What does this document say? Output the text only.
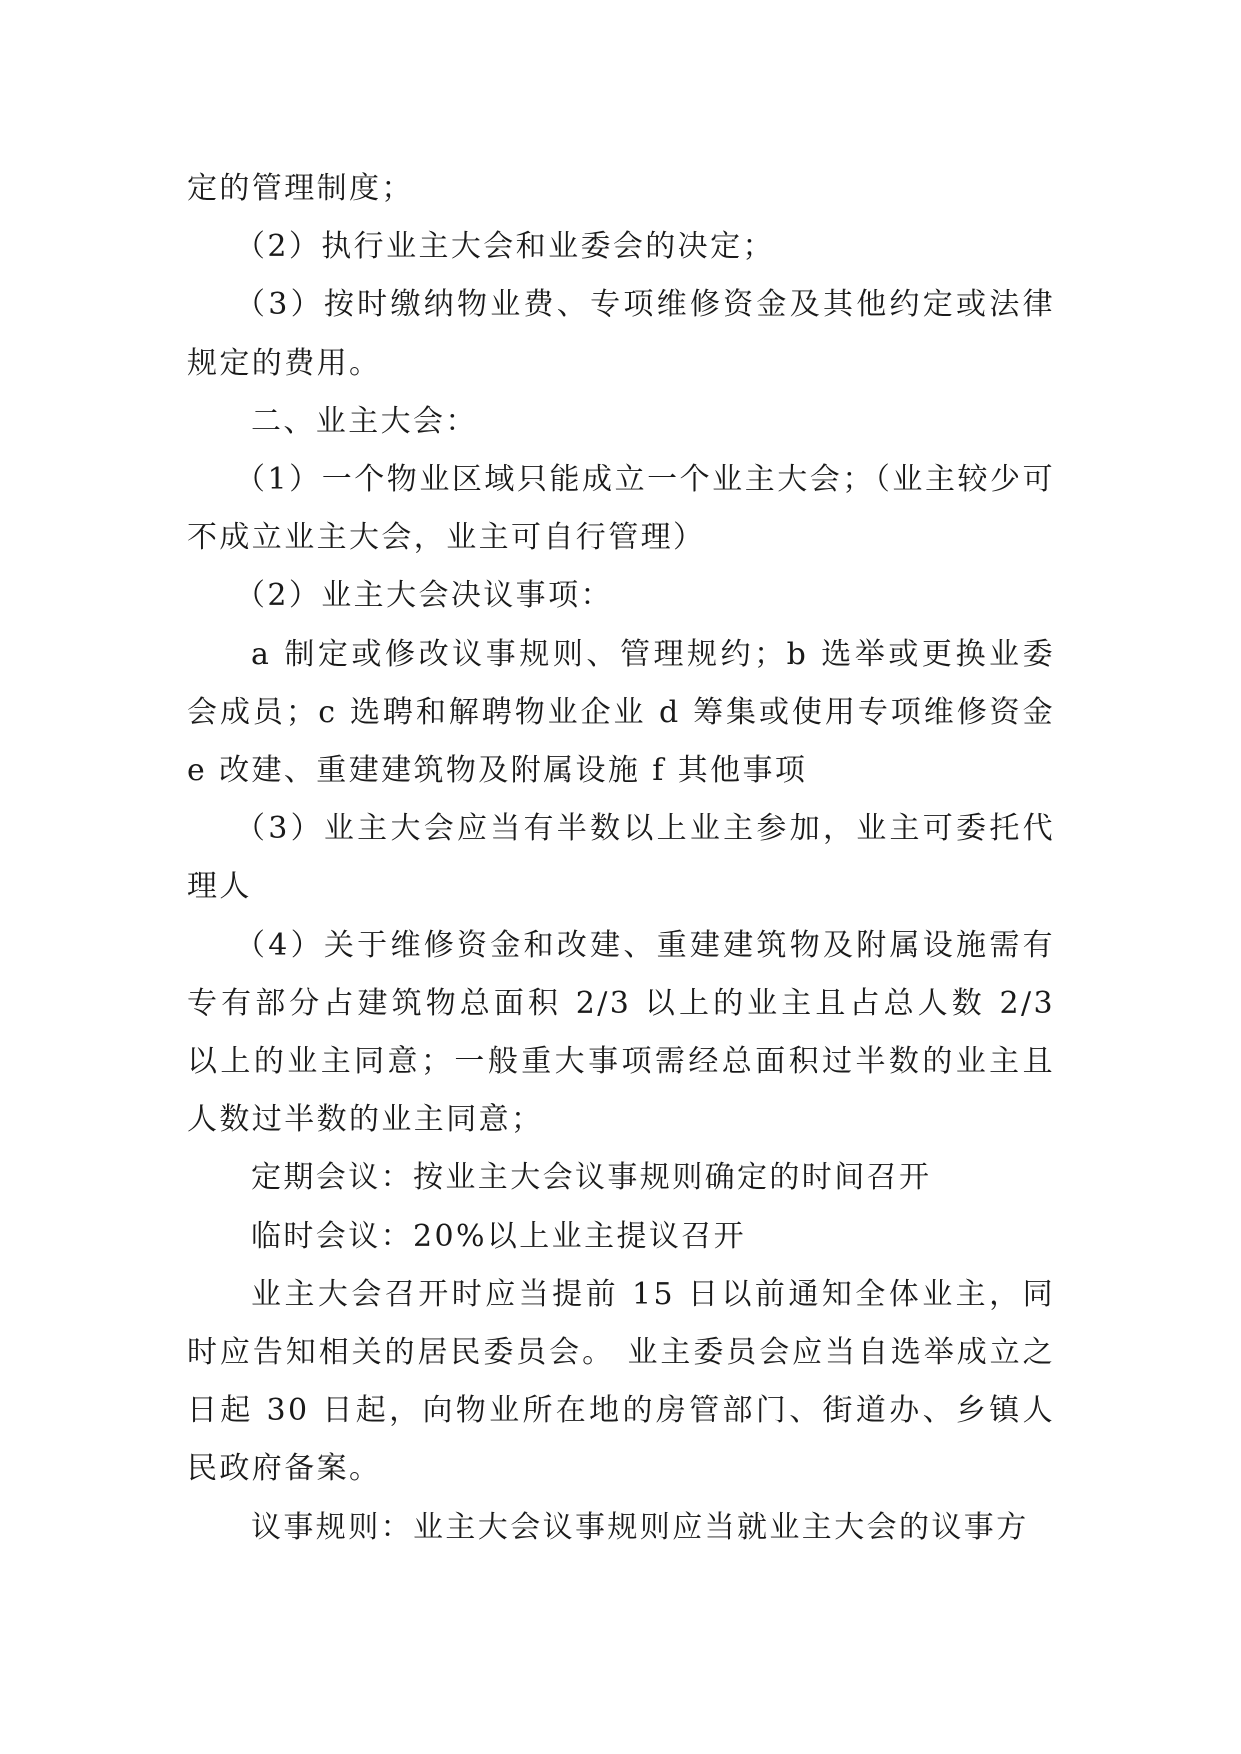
定的管理制度；

（2）执行业主大会和业委会的决定；

（3）按时缴纳物业费、专项维修资金及其他约定或法律规定的费用。

二、业主大会：

（1）一个物业区域只能成立一个业主大会；（业主较少可不成立业主大会，业主可自行管理）

（2）业主大会决议事项：

a 制定或修改议事规则、管理规约；b 选举或更换业委会成员；c 选聘和解聘物业企业 d 筹集或使用专项维修资金 e 改建、重建建筑物及附属设施 f 其他事项

（3）业主大会应当有半数以上业主参加，业主可委托代理人

（4）关于维修资金和改建、重建建筑物及附属设施需有专有部分占建筑物总面积 2/3 以上的业主且占总人数 2/3 以上的业主同意；一般重大事项需经总面积过半数的业主且人数过半数的业主同意；

定期会议：按业主大会议事规则确定的时间召开

临时会议：20%以上业主提议召开

业主大会召开时应当提前 15 日以前通知全体业主，同时应告知相关的居民委员会。 业主委员会应当自选举成立之日起 30 日起，向物业所在地的房管部门、街道办、乡镇人民政府备案。

议事规则：业主大会议事规则应当就业主大会的议事方
